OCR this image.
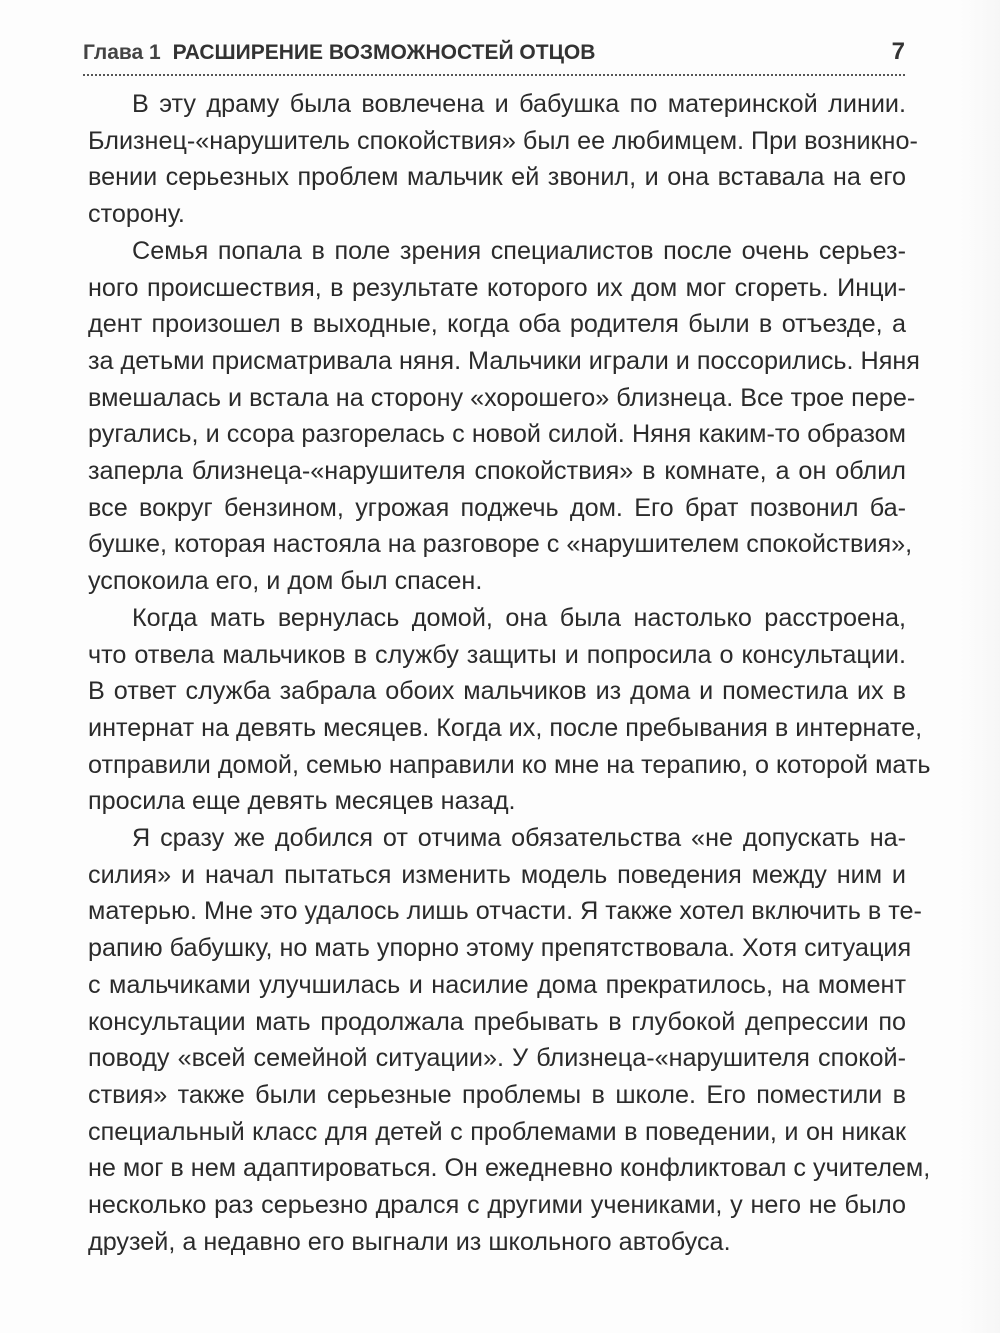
Глава 1 РАСШИРЕНИЕ ВОЗМОЖНОСТЕЙ ОТЦОВ	7

В эту драму была вовлечена и бабушка по материнской линии.
Близнец-«нарушитель спокойствия» был ее любимцем. При возникно-
вении серьезных проблем мальчик ей звонил, и она вставала на его
сторону.

Семья попала в поле зрения специалистов после очень серьез-
ного происшествия, в результате которого их дом мог сгореть. Инци-
дент произошел в выходные, когда оба родителя были в отъезде, а
за детьми присматривала няня. Мальчики играли и поссорились. Няня
вмешалась и встала на сторону «хорошего» близнеца. Все трое пере-
ругались, и ссора разгорелась с новой силой. Няня каким-то образом
заперла близнеца-«нарушителя спокойствия» в комнате, а он облил
все вокруг бензином, угрожая поджечь дом. Его брат позвонил ба-
бушке, которая настояла на разговоре с «нарушителем спокойствия»,
успокоила его, и дом был спасен.

Когда мать вернулась домой, она была настолько расстроена,
что отвела мальчиков в службу защиты и попросила о консультации.
В ответ служба забрала обоих мальчиков из дома и поместила их в
интернат на девять месяцев. Когда их, после пребывания в интернате,
отправили домой, семью направили ко мне на терапию, о которой мать
просила еще девять месяцев назад.

Я сразу же добился от отчима обязательства «не допускать на-
силия» и начал пытаться изменить модель поведения между ним и
матерью. Мне это удалось лишь отчасти. Я также хотел включить в те-
рапию бабушку, но мать упорно этому препятствовала. Хотя ситуация
с мальчиками улучшилась и насилие дома прекратилось, на момент
консультации мать продолжала пребывать в глубокой депрессии по
поводу «всей семейной ситуации». У близнеца-«нарушителя спокой-
ствия» также были серьезные проблемы в школе. Его поместили в
специальный класс для детей с проблемами в поведении, и он никак
не мог в нем адаптироваться. Он ежедневно конфликтовал с учителем,
несколько раз серьезно дрался с другими учениками, у него не было
друзей, а недавно его выгнали из школьного автобуса.
